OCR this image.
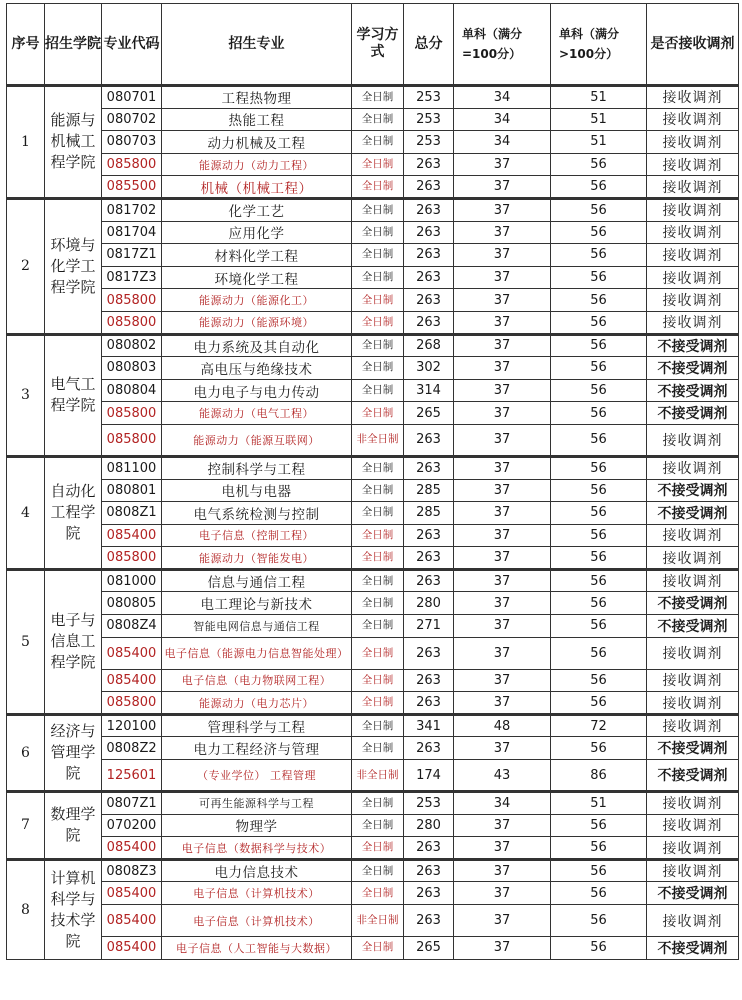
序号	招生学院	专业代码	招生专业	学习方式	总分	单科（满分=100分）	单科（满分>100分）	是否接收调剂
1	能源与机械工程学院	080701	工程热物理	全日制	253	34	51	接收调剂
		080702	热能工程	全日制	253	34	51	接收调剂
		080703	动力机械及工程	全日制	253	34	51	接收调剂
		085800	能源动力（动力工程）	全日制	263	37	56	接收调剂
		085500	机械（机械工程）	全日制	263	37	56	接收调剂
2	环境与化学工程学院	081702	化学工艺	全日制	263	37	56	接收调剂
		081704	应用化学	全日制	263	37	56	接收调剂
		0817Z1	材料化学工程	全日制	263	37	56	接收调剂
		0817Z3	环境化学工程	全日制	263	37	56	接收调剂
		085800	能源动力（能源化工）	全日制	263	37	56	接收调剂
		085800	能源动力（能源环境）	全日制	263	37	56	接收调剂
3	电气工程学院	080802	电力系统及其自动化	全日制	268	37	56	不接受调剂
		080803	高电压与绝缘技术	全日制	302	37	56	不接受调剂
		080804	电力电子与电力传动	全日制	314	37	56	不接受调剂
		085800	能源动力（电气工程）	全日制	265	37	56	不接受调剂
		085800	能源动力（能源互联网）	非全日制	263	37	56	接收调剂
4	自动化工程学院	081100	控制科学与工程	全日制	263	37	56	接收调剂
		080801	电机与电器	全日制	285	37	56	不接受调剂
		0808Z1	电气系统检测与控制	全日制	285	37	56	不接受调剂
		085400	电子信息（控制工程）	全日制	263	37	56	接收调剂
		085800	能源动力（智能发电）	全日制	263	37	56	接收调剂
5	电子与信息工程学院	081000	信息与通信工程	全日制	263	37	56	接收调剂
		080805	电工理论与新技术	全日制	280	37	56	不接受调剂
		0808Z4	智能电网信息与通信工程	全日制	271	37	56	不接受调剂
		085400	电子信息（能源电力信息智能处理）	全日制	263	37	56	接收调剂
		085400	电子信息（电力物联网工程）	全日制	263	37	56	接收调剂
		085800	能源动力（电力芯片）	全日制	263	37	56	接收调剂
6	经济与管理学院	120100	管理科学与工程	全日制	341	48	72	接收调剂
		0808Z2	电力工程经济与管理	全日制	263	37	56	不接受调剂
		125601	（专业学位） 工程管理	非全日制	174	43	86	不接受调剂
7	数理学院	0807Z1	可再生能源科学与工程	全日制	253	34	51	接收调剂
		070200	物理学	全日制	280	37	56	接收调剂
		085400	电子信息（数据科学与技术）	全日制	263	37	56	接收调剂
8	计算机科学与技术学院	0808Z3	电力信息技术	全日制	263	37	56	接收调剂
		085400	电子信息（计算机技术）	全日制	263	37	56	不接受调剂
		085400	电子信息（计算机技术）	非全日制	263	37	56	接收调剂
		085400	电子信息（人工智能与大数据）	全日制	265	37	56	不接受调剂
